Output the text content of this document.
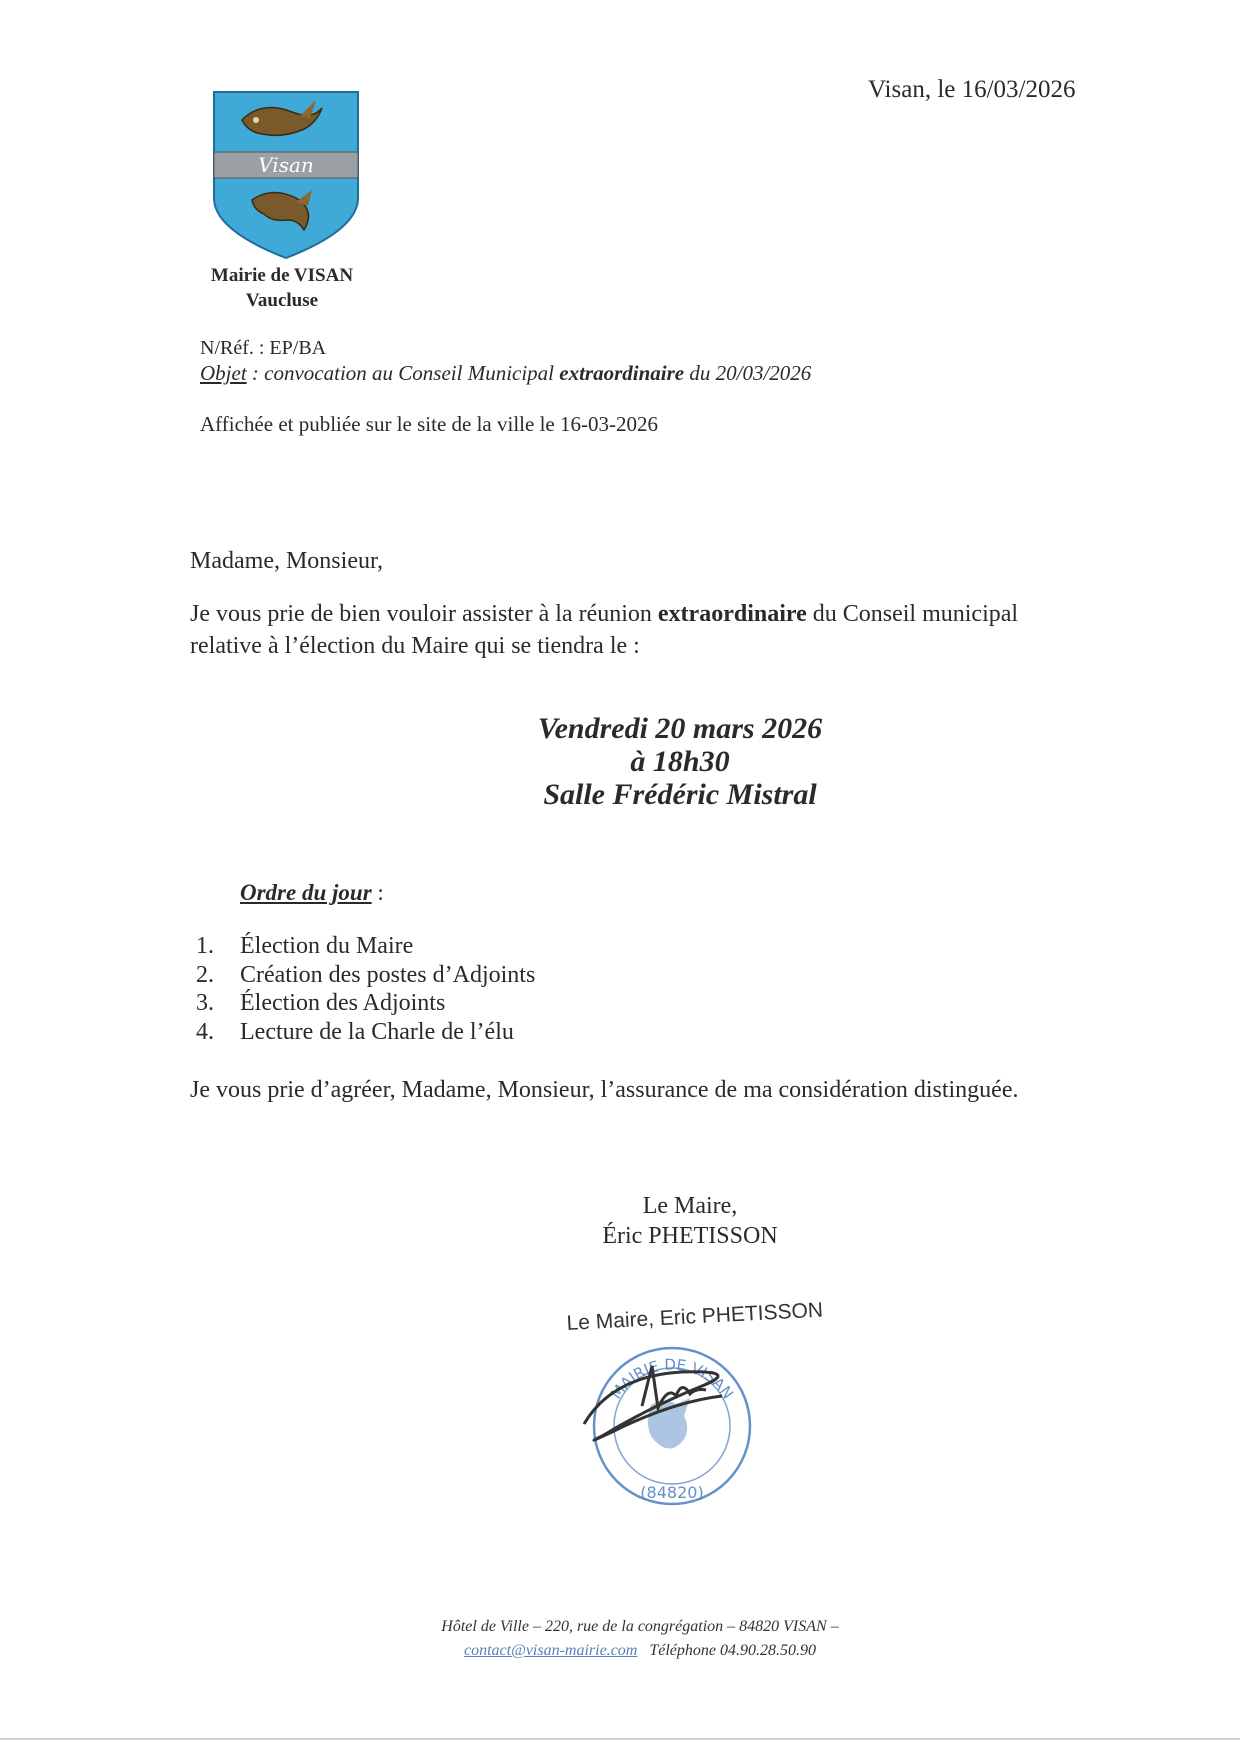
Visan, le 16/03/2026
Visan
Mairie de VISAN
Vaucluse
N/Réf. : EP/BA
Objet : convocation au Conseil Municipal extraordinaire du 20/03/2026
Affichée et publiée sur le site de la ville le 16-03-2026
Madame, Monsieur,
Je vous prie de bien vouloir assister à la réunion extraordinaire du Conseil municipal relative à l’élection du Maire qui se tiendra le :
Vendredi 20 mars 2026
à 18h30
Salle Frédéric Mistral
Ordre du jour :
1.	Élection du Maire
2.	Création des postes d’Adjoints
3.	Élection des Adjoints
4.	Lecture de la Charle de l’élu
Je vous prie d’agréer, Madame, Monsieur, l’assurance de ma considération distinguée.
Le Maire,
Éric PHETISSON
Le Maire, Eric PHETISSON
MAIRIE DE VISAN
(84820)
Hôtel de Ville – 220, rue de la congrégation – 84820 VISAN –
contact@visan-mairie.com Téléphone 04.90.28.50.90
